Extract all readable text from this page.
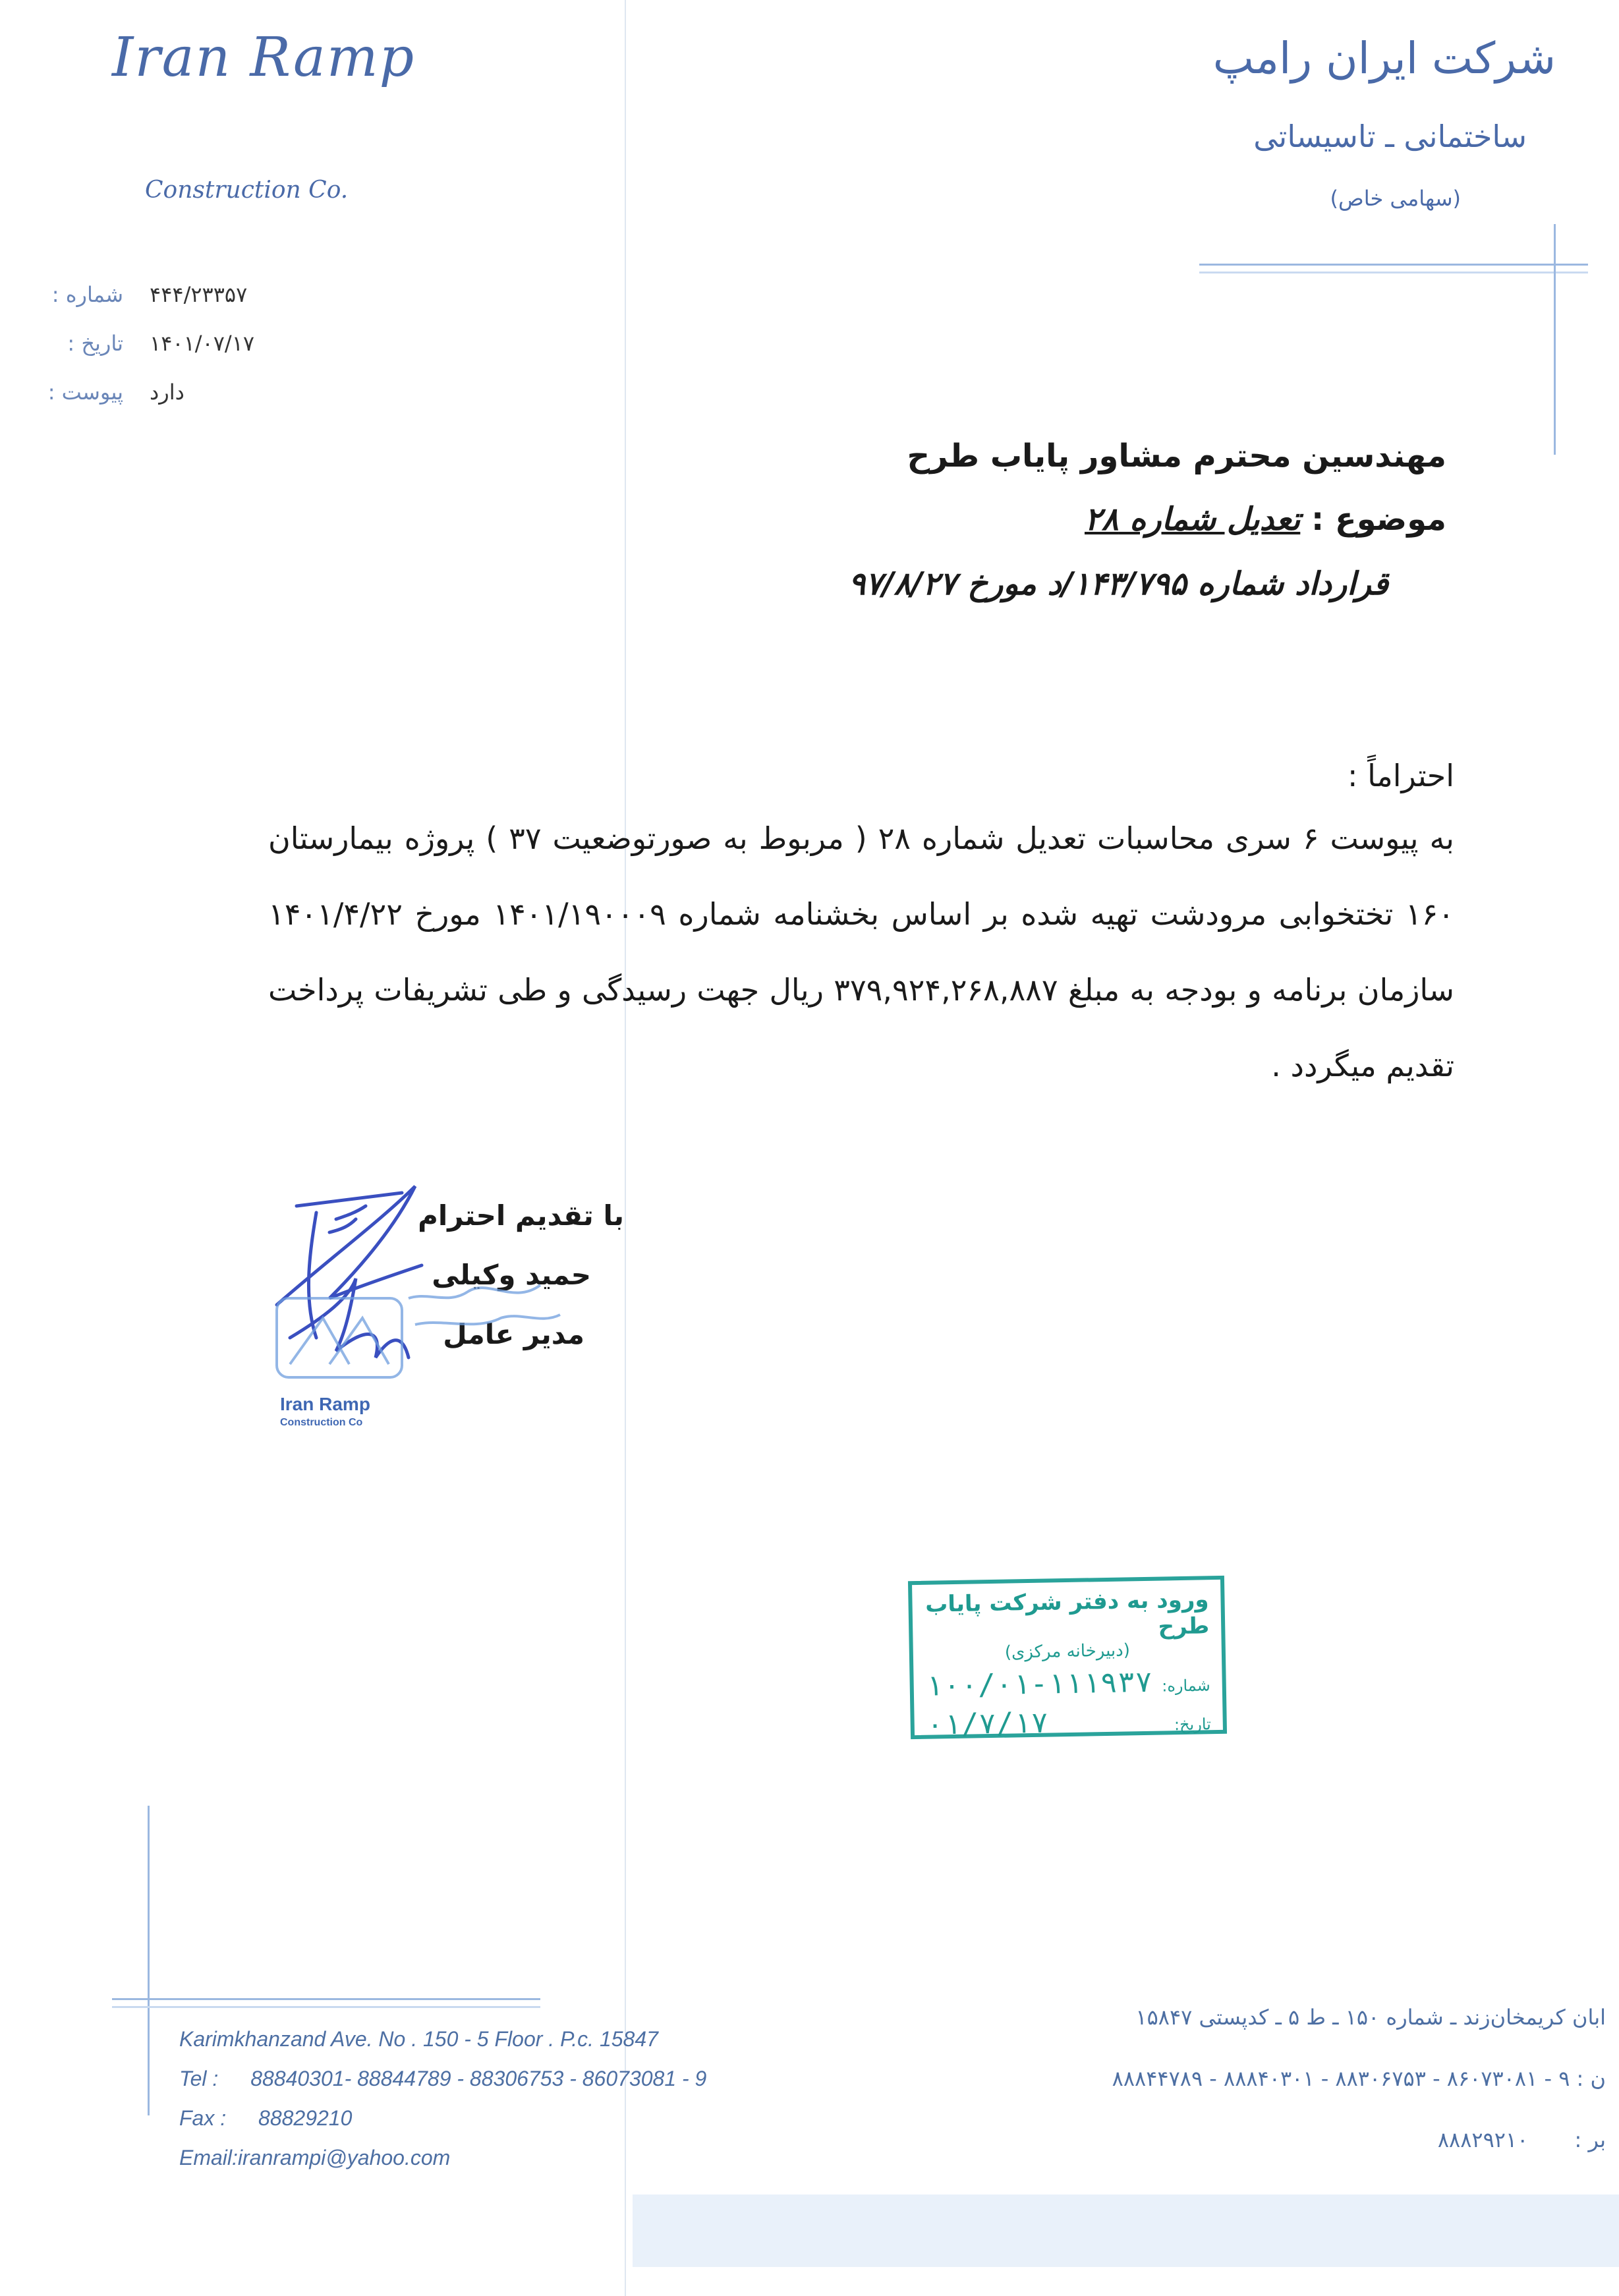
Iran Ramp
Construction Co.
شرکت ایران رامپ
ساختمانی ـ تاسیساتی
(سهامی خاص)
شماره : ۴۴۴/۲۳۳۵۷
تاریخ : ۱۴۰۱/۰۷/۱۷
پیوست : دارد
مهندسین محترم مشاور پایاب طرح
موضوع : تعدیل شماره ۲۸
قرارداد شماره ۱۴۳/۷۹۵/د مورخ ۹۷/۸/۲۷
احتراماً :
به پیوست ۶ سری محاسبات تعدیل شماره ۲۸ ( مربوط به صورتوضعیت ۳۷ ) پروژه بیمارستان ۱۶۰ تختخوابی مرودشت تهیه شده بر اساس بخشنامه شماره ۱۴۰۱/۱۹۰۰۰۹ مورخ ۱۴۰۱/۴/۲۲ سازمان برنامه و بودجه به مبلغ ۳۷۹,۹۲۴,۲۶۸,۸۸۷ ریال جهت رسیدگی و طی تشریفات پرداخت تقدیم میگردد .
با تقدیم احترام
حمید وکیلی
مدیر عامل
Iran Ramp
Construction Co
ورود به دفتر شرکت پایاب طرح
(دبیرخانه مرکزی)
شماره:
۱۰۰/۰۱-۱۱۱۹۳۷
تاریخ:
۰۱/۷/۱۷
Karimkhanzand Ave. No . 150 - 5 Floor . P.c. 15847
Tel : 88840301- 88844789 - 88306753 - 86073081 - 9
Fax : 88829210
Email:iranrampi@yahoo.com
ابان کریمخان‌زند ـ شماره ۱۵۰ ـ ط ۵ ـ کدپستی ۱۵۸۴۷
ن : ۹ - ۸۶۰۷۳۰۸۱ - ۸۸۳۰۶۷۵۳ - ۸۸۸۴۰۳۰۱ - ۸۸۸۴۴۷۸۹
بر : ۸۸۸۲۹۲۱۰
